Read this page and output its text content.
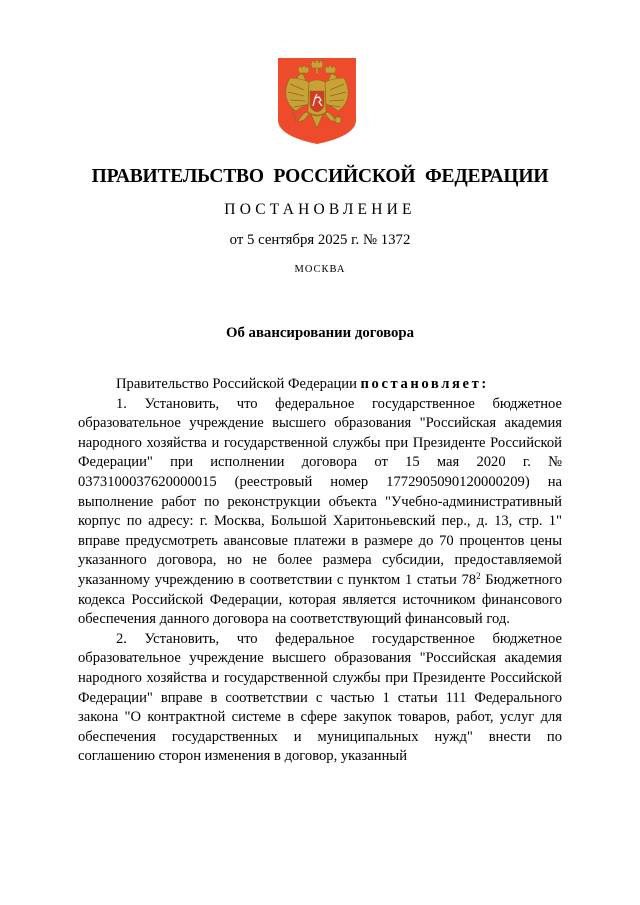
ПРАВИТЕЛЬСТВО РОССИЙСКОЙ ФЕДЕРАЦИИ
ПОСТАНОВЛЕНИЕ
от 5 сентября 2025 г. № 1372
МОСКВА
Об авансировании договора

Правительство Российской Федерации постановляет:

1. Установить, что федеральное государственное бюджетное образовательное учреждение высшего образования "Российская академия народного хозяйства и государственной службы при Президенте Российской Федерации" при исполнении договора от 15 мая 2020 г. № 0373100037620000015 (реестровый номер 1772905090120000209) на выполнение работ по реконструкции объекта "Учебно-административный корпус по адресу: г. Москва, Большой Харитоньевский пер., д. 13, стр. 1" вправе предусмотреть авансовые платежи в размере до 70 процентов цены указанного договора, но не более размера субсидии, предоставляемой указанному учреждению в соответствии с пунктом 1 статьи $78^2$ Бюджетного кодекса Российской Федерации, которая является источником финансового обеспечения данного договора на соответствующий финансовый год.

2. Установить, что федеральное государственное бюджетное образовательное учреждение высшего образования "Российская академия народного хозяйства и государственной службы при Президенте Российской Федерации" вправе в соответствии с частью 1 статьи 111 Федерального закона "О контрактной системе в сфере закупок товаров, работ, услуг для обеспечения государственных и муниципальных нужд" внести по соглашению сторон изменения в договор, указанный
